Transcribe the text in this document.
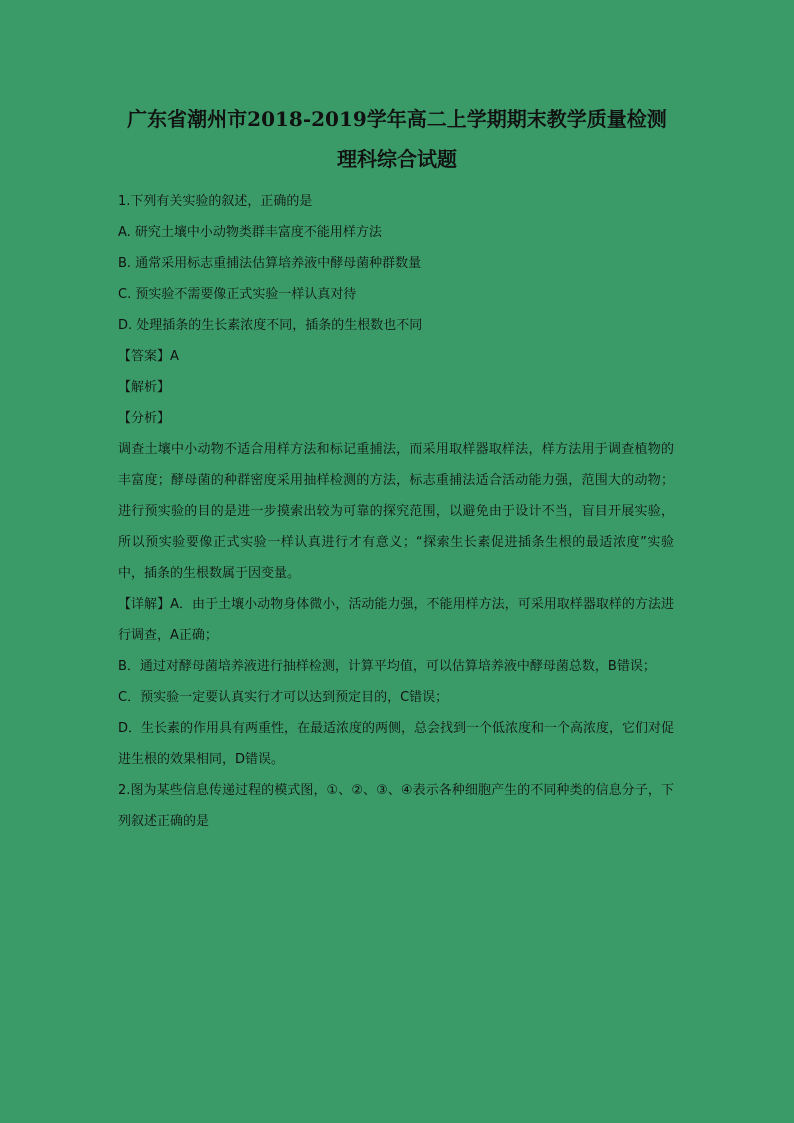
广东省潮州市2018-2019学年高二上学期期末教学质量检测
理科综合试题

1.下列有关实验的叙述，正确的是

A. 研究土壤中小动物类群丰富度不能用样方法

B. 通常采用标志重捕法估算培养液中酵母菌种群数量

C. 预实验不需要像正式实验一样认真对待

D. 处理插条的生长素浓度不同，插条的生根数也不同

【答案】A

【解析】

【分析】

调查土壤中小动物不适合用样方法和标记重捕法，而采用取样器取样法，样方法用于调查植物的丰富度；酵母菌的种群密度采用抽样检测的方法，标志重捕法适合活动能力强，范围大的动物；进行预实验的目的是进一步摸索出较为可靠的探究范围，以避免由于设计不当，盲目开展实验，所以预实验要像正式实验一样认真进行才有意义；“探索生长素促进插条生根的最适浓度”实验中，插条的生根数属于因变量。

【详解】A．由于土壤小动物身体微小，活动能力强，不能用样方法，可采用取样器取样的方法进行调查，A正确；

B．通过对酵母菌培养液进行抽样检测，计算平均值，可以估算培养液中酵母菌总数，B错误；

C．预实验一定要认真实行才可以达到预定目的，C错误；

D．生长素的作用具有两重性，在最适浓度的两侧，总会找到一个低浓度和一个高浓度，它们对促进生根的效果相同，D错误。

2.图为某些信息传递过程的模式图，①、②、③、④表示各种细胞产生的不同种类的信息分子，下列叙述正确的是
